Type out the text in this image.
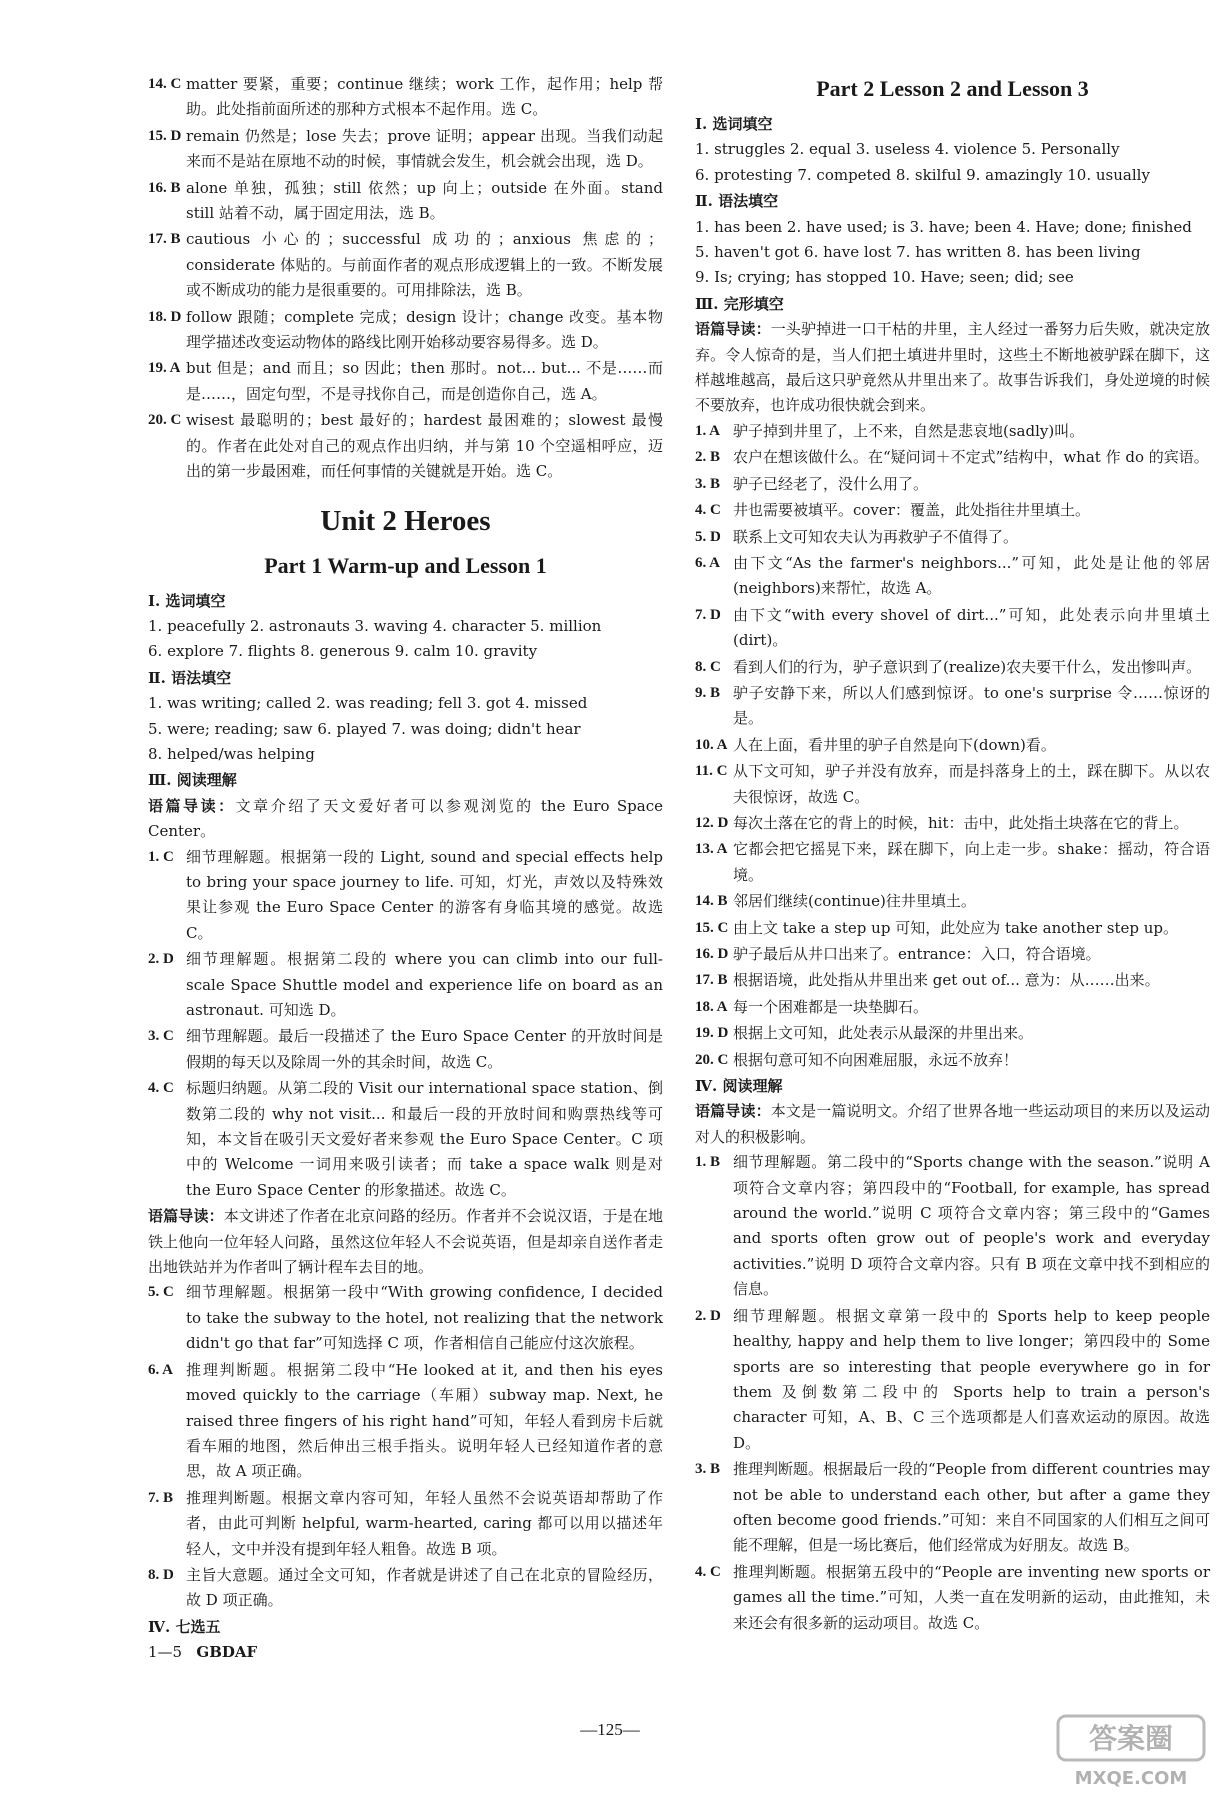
14. C matter 要紧，重要；continue 继续；work 工作，起作用；help 帮助。此处指前面所述的那种方式根本不起作用。选 C。
15. D remain 仍然是；lose 失去；prove 证明；appear 出现。当我们动起来而不是站在原地不动的时候，事情就会发生，机会就会出现，选 D。
16. B alone 单独，孤独；still 依然；up 向上；outside 在外面。stand still 站着不动，属于固定用法，选 B。
17. B cautious 小心的；successful 成功的；anxious 焦虑的；considerate 体贴的。与前面作者的观点形成逻辑上的一致。不断发展或不断成功的能力是很重要的。可用排除法，选 B。
18. D follow 跟随；complete 完成；design 设计；change 改变。基本物理学描述改变运动物体的路线比刚开始移动要容易得多。选 D。
19. A but 但是；and 而且；so 因此；then 那时。not... but... 不是……而是……，固定句型，不是寻找你自己，而是创造你自己，选 A。
20. C wisest 最聪明的；best 最好的；hardest 最困难的；slowest 最慢的。作者在此处对自己的观点作出归纳，并与第 10 个空遥相呼应，迈出的第一步最困难，而任何事情的关键就是开始。选 C。
Unit 2 Heroes
Part 1 Warm-up and Lesson 1
Ⅰ. 选词填空
1. peacefully 2. astronauts 3. waving 4. character 5. million
6. explore 7. flights 8. generous 9. calm 10. gravity
Ⅱ. 语法填空
1. was writing; called 2. was reading; fell 3. got 4. missed
5. were; reading; saw 6. played 7. was doing; didn't hear
8. helped/was helping
Ⅲ. 阅读理解
语篇导读：文章介绍了天文爱好者可以参观浏览的 the Euro Space Center。
1. C 细节理解题。根据第一段的 Light, sound and special effects help to bring your space journey to life. 可知，灯光，声效以及特殊效果让参观 the Euro Space Center 的游客有身临其境的感觉。故选 C。
2. D 细节理解题。根据第二段的 where you can climb into our full-scale Space Shuttle model and experience life on board as an astronaut. 可知选 D。
3. C 细节理解题。最后一段描述了 the Euro Space Center 的开放时间是假期的每天以及除周一外的其余时间，故选 C。
4. C 标题归纳题。从第二段的 Visit our international space station、倒数第二段的 why not visit... 和最后一段的开放时间和购票热线等可知，本文旨在吸引天文爱好者来参观 the Euro Space Center。C 项中的 Welcome 一词用来吸引读者；而 take a space walk 则是对 the Euro Space Center 的形象描述。故选 C。
语篇导读：本文讲述了作者在北京问路的经历。作者并不会说汉语，于是在地铁上他向一位年轻人问路，虽然这位年轻人不会说英语，但是却亲自送作者走出地铁站并为作者叫了辆计程车去目的地。
5. C 细节理解题。根据第一段中“With growing confidence, I decided to take the subway to the hotel, not realizing that the network didn't go that far”可知选择 C 项，作者相信自己能应付这次旅程。
6. A 推理判断题。根据第二段中“He looked at it, and then his eyes moved quickly to the carriage（车厢）subway map. Next, he raised three fingers of his right hand”可知，年轻人看到房卡后就看车厢的地图，然后伸出三根手指头。说明年轻人已经知道作者的意思，故 A 项正确。
7. B 推理判断题。根据文章内容可知，年轻人虽然不会说英语却帮助了作者，由此可判断 helpful, warm-hearted, caring 都可以用以描述年轻人，文中并没有提到年轻人粗鲁。故选 B 项。
8. D 主旨大意题。通过全文可知，作者就是讲述了自己在北京的冒险经历，故 D 项正确。
Ⅳ. 七选五
1—5 GBDAF
Part 2 Lesson 2 and Lesson 3
Ⅰ. 选词填空
1. struggles 2. equal 3. useless 4. violence 5. Personally
6. protesting 7. competed 8. skilful 9. amazingly 10. usually
Ⅱ. 语法填空
1. has been 2. have used; is 3. have; been 4. Have; done; finished
5. haven't got 6. have lost 7. has written 8. has been living
9. Is; crying; has stopped 10. Have; seen; did; see
Ⅲ. 完形填空
语篇导读：一头驴掉进一口干枯的井里，主人经过一番努力后失败，就决定放弃。令人惊奇的是，当人们把土填进井里时，这些土不断地被驴踩在脚下，这样越堆越高，最后这只驴竟然从井里出来了。故事告诉我们，身处逆境的时候不要放弃，也许成功很快就会到来。
1. A 驴子掉到井里了，上不来，自然是悲哀地(sadly)叫。
2. B 农户在想该做什么。在“疑问词＋不定式”结构中，what 作 do 的宾语。
3. B 驴子已经老了，没什么用了。
4. C 井也需要被填平。cover：覆盖，此处指往井里填土。
5. D 联系上文可知农夫认为再救驴子不值得了。
6. A 由下文“As the farmer's neighbors...”可知，此处是让他的邻居(neighbors)来帮忙，故选 A。
7. D 由下文“with every shovel of dirt...”可知，此处表示向井里填土(dirt)。
8. C 看到人们的行为，驴子意识到了(realize)农夫要干什么，发出惨叫声。
9. B 驴子安静下来，所以人们感到惊讶。to one's surprise 令……惊讶的是。
10. A 人在上面，看井里的驴子自然是向下(down)看。
11. C 从下文可知，驴子并没有放弃，而是抖落身上的土，踩在脚下。从以农夫很惊讶，故选 C。
12. D 每次土落在它的背上的时候，hit：击中，此处指土块落在它的背上。
13. A 它都会把它摇晃下来，踩在脚下，向上走一步。shake：摇动，符合语境。
14. B 邻居们继续(continue)往井里填土。
15. C 由上文 take a step up 可知，此处应为 take another step up。
16. D 驴子最后从井口出来了。entrance：入口，符合语境。
17. B 根据语境，此处指从井里出来 get out of... 意为：从……出来。
18. A 每一个困难都是一块垫脚石。
19. D 根据上文可知，此处表示从最深的井里出来。
20. C 根据句意可知不向困难屈服，永远不放弃！
Ⅳ. 阅读理解
语篇导读：本文是一篇说明文。介绍了世界各地一些运动项目的来历以及运动对人的积极影响。
1. B 细节理解题。第二段中的“Sports change with the season.”说明 A 项符合文章内容；第四段中的“Football, for example, has spread around the world.”说明 C 项符合文章内容；第三段中的“Games and sports often grow out of people's work and everyday activities.”说明 D 项符合文章内容。只有 B 项在文章中找不到相应的信息。
2. D 细节理解题。根据文章第一段中的 Sports help to keep people healthy, happy and help them to live longer；第四段中的 Some sports are so interesting that people everywhere go in for them 及倒数第二段中的 Sports help to train a person's character 可知，A、B、C 三个选项都是人们喜欢运动的原因。故选 D。
3. B 推理判断题。根据最后一段的“People from different countries may not be able to understand each other, but after a game they often become good friends.”可知：来自不同国家的人们相互之间可能不理解，但是一场比赛后，他们经常成为好朋友。故选 B。
4. C 推理判断题。根据第五段中的“People are inventing new sports or games all the time.”可知，人类一直在发明新的运动，由此推知，未来还会有很多新的运动项目。故选 C。
—125—	答案圈
MXQE.COM
